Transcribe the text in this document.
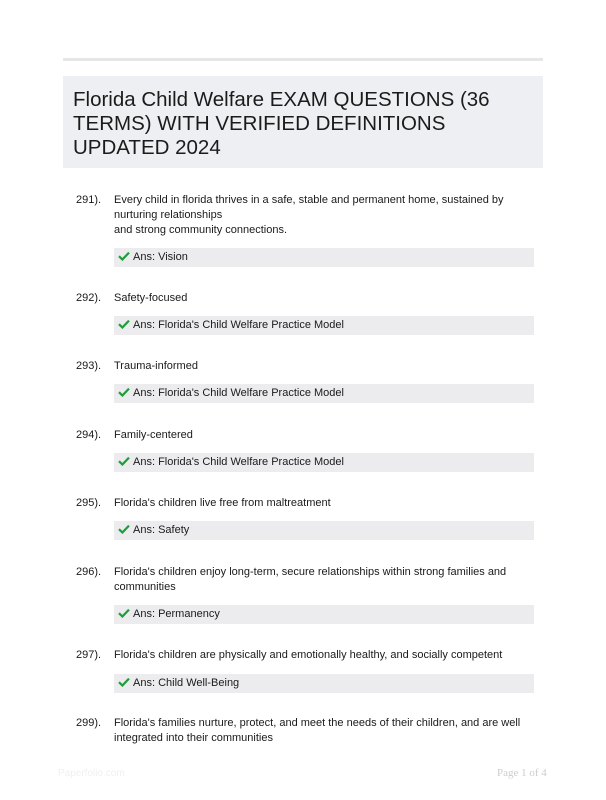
Florida Child Welfare EXAM QUESTIONS (36 TERMS) WITH VERIFIED DEFINITIONS UPDATED 2024
291). Every child in florida thrives in a safe, stable and permanent home, sustained by nurturing relationships
and strong community connections.
Ans: Vision
292). Safety-focused
Ans: Florida's Child Welfare Practice Model
293). Trauma-informed
Ans: Florida's Child Welfare Practice Model
294). Family-centered
Ans: Florida's Child Welfare Practice Model
295). Florida's children live free from maltreatment
Ans: Safety
296). Florida's children enjoy long-term, secure relationships within strong families and communities
Ans: Permanency
297). Florida's children are physically and emotionally healthy, and socially competent
Ans: Child Well-Being
299). Florida's families nurture, protect, and meet the needs of their children, and are well integrated into their communities
Paperfolio.com	Page 1 of 4
